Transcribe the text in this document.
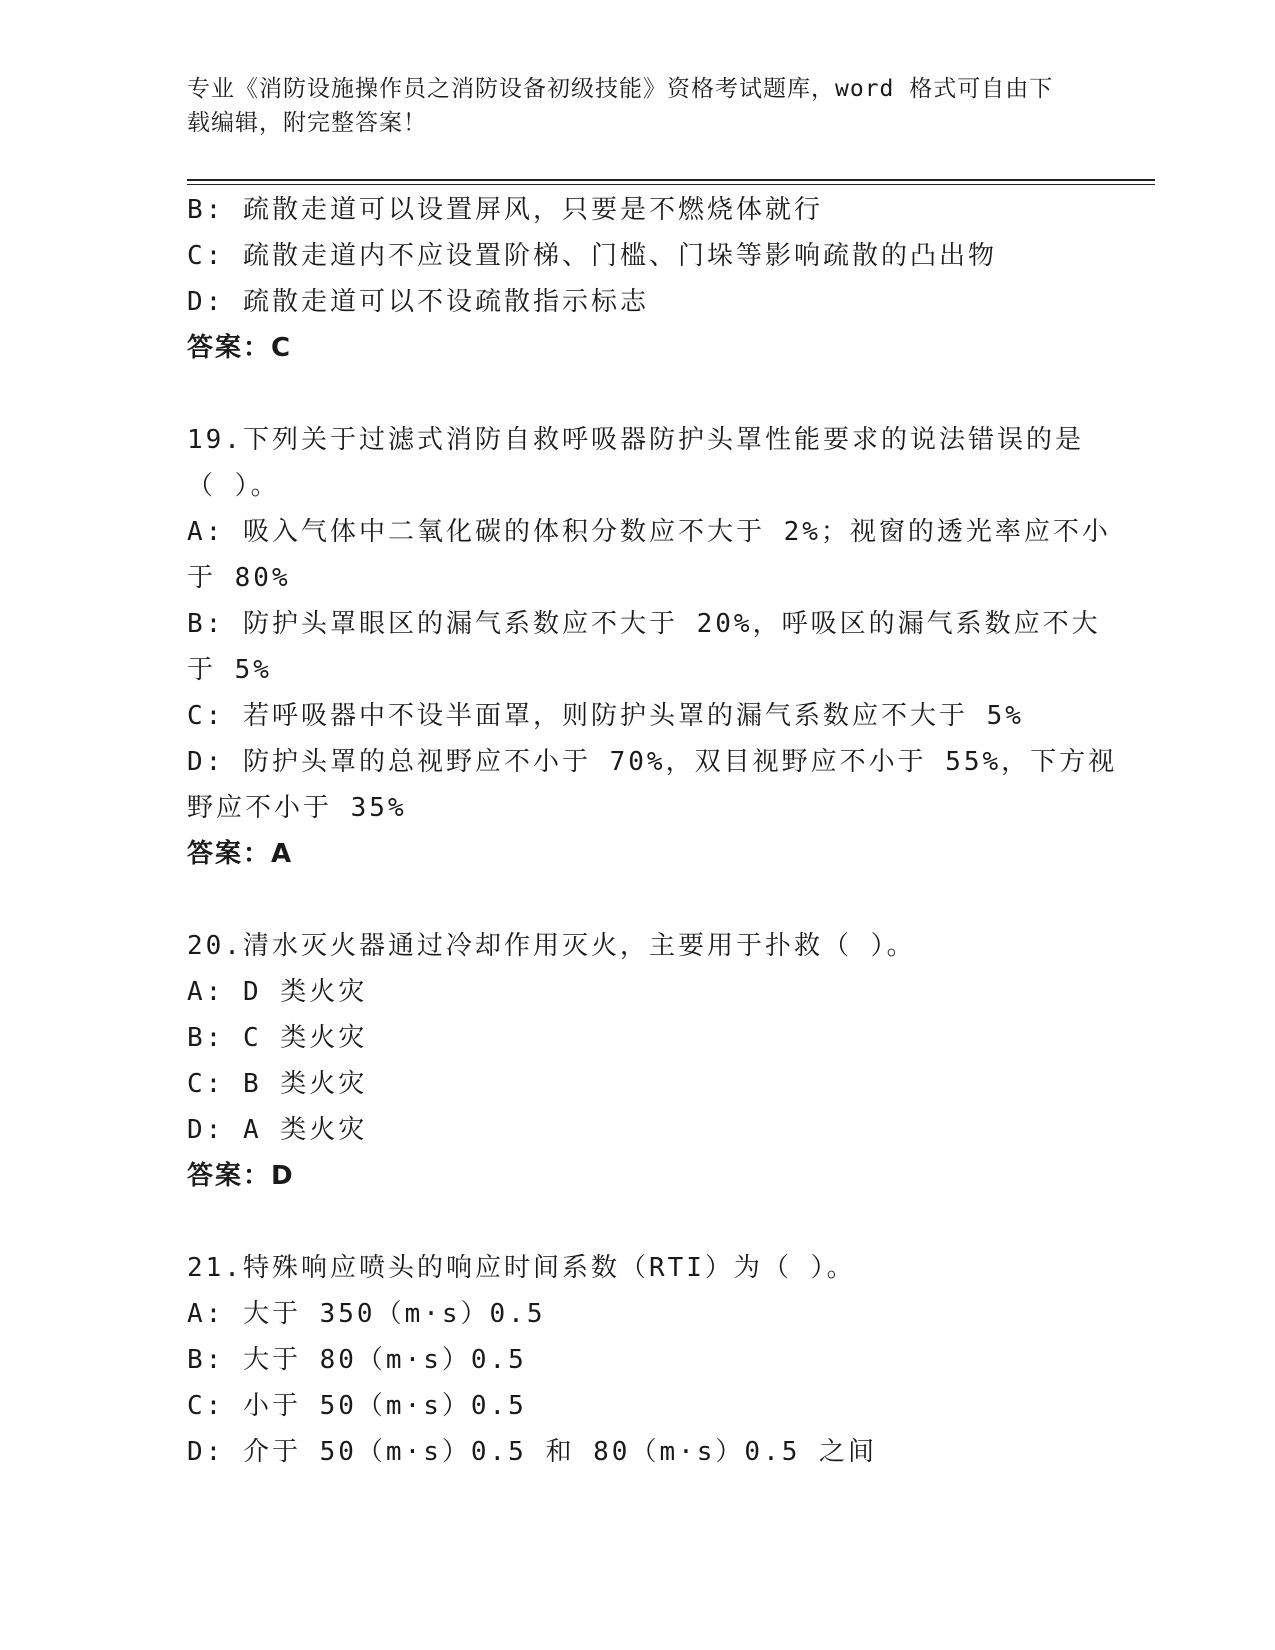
专业《消防设施操作员之消防设备初级技能》资格考试题库，word 格式可自由下
载编辑，附完整答案！
B: 疏散走道可以设置屏风，只要是不燃烧体就行
C: 疏散走道内不应设置阶梯、门槛、门垛等影响疏散的凸出物
D: 疏散走道可以不设疏散指示标志
答案：C
19.下列关于过滤式消防自救呼吸器防护头罩性能要求的说法错误的是
（ ）。
A: 吸入气体中二氧化碳的体积分数应不大于 2%；视窗的透光率应不小
于 80%
B: 防护头罩眼区的漏气系数应不大于 20%，呼吸区的漏气系数应不大
于 5%
C: 若呼吸器中不设半面罩，则防护头罩的漏气系数应不大于 5%
D: 防护头罩的总视野应不小于 70%，双目视野应不小于 55%，下方视
野应不小于 35%
答案：A
20.清水灭火器通过冷却作用灭火，主要用于扑救（ ）。
A: D 类火灾
B: C 类火灾
C: B 类火灾
D: A 类火灾
答案：D
21.特殊响应喷头的响应时间系数（RTI）为（ ）。
A: 大于 350（m·s）0.5
B: 大于 80（m·s）0.5
C: 小于 50（m·s）0.5
D: 介于 50（m·s）0.5 和 80（m·s）0.5 之间
